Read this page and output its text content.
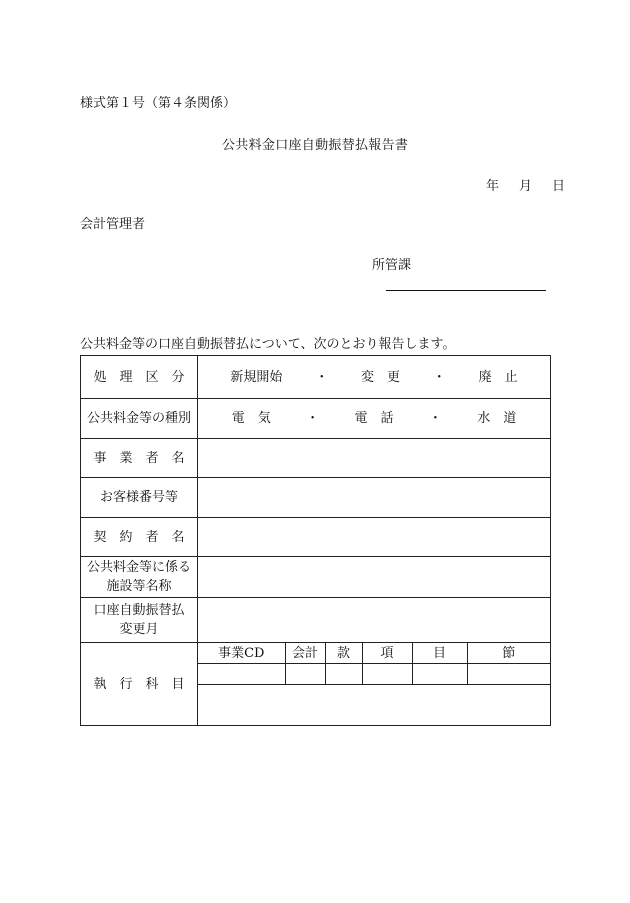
様式第１号（第４条関係）
公共料金口座自動振替払報告書
年 月 日
会計管理者
所管課
公共料金等の口座自動振替払について、次のとおり報告します。
処理区分	新規開始	・	変　更	・	廃　止

公共料金等の種別	電　気	・	電　話	・	水　道

事業者名	
お客様番号等	
契約者名	

公共料金等に係る
施設等名称

口座自動振替払
変更月

執行科目	
事業CD	会計	款	項	目	節
